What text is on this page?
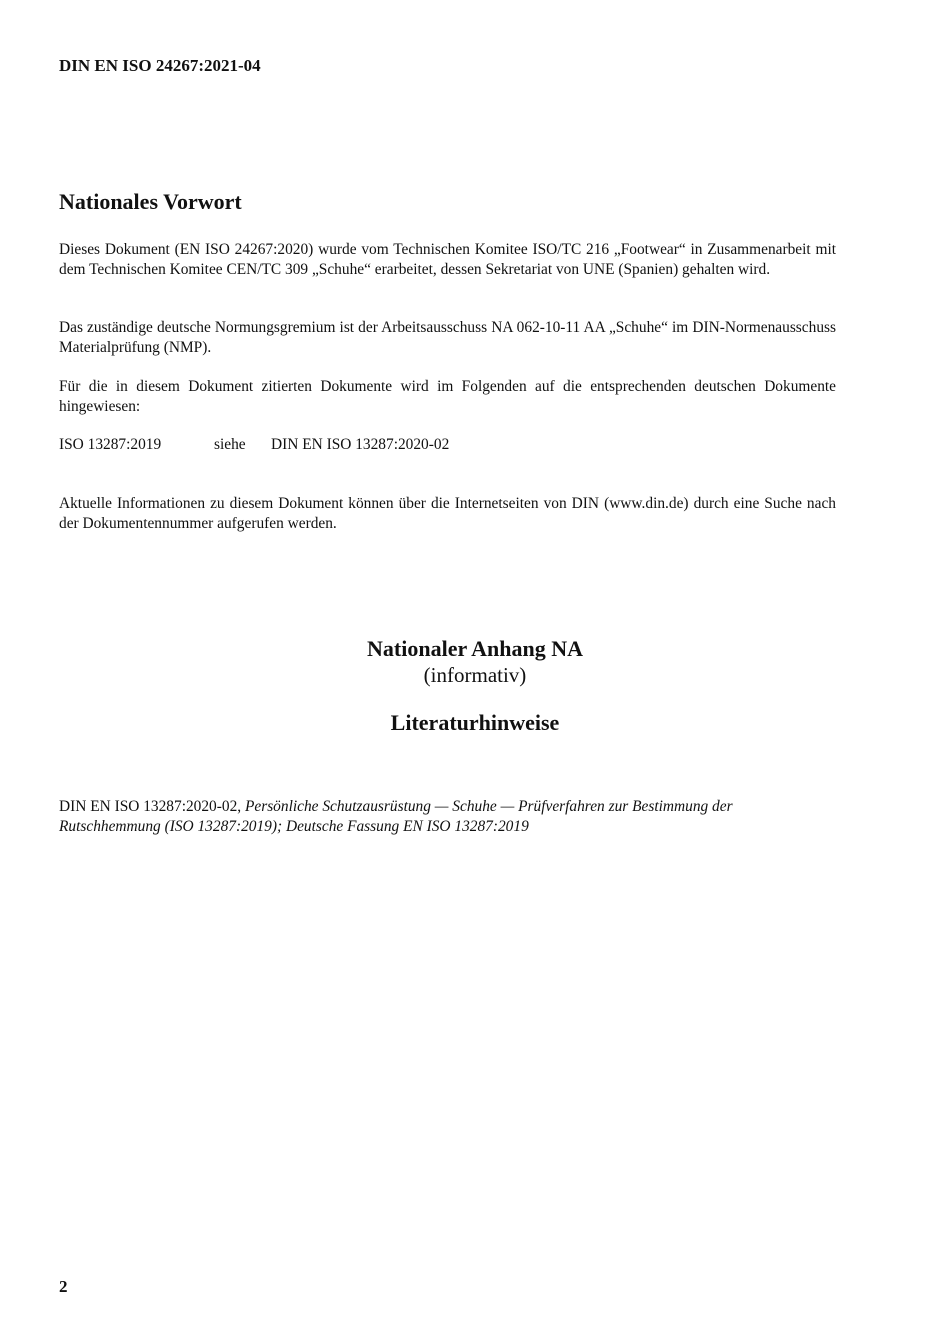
DIN EN ISO 24267:2021-04
Nationales Vorwort

Dieses Dokument (EN ISO 24267:2020) wurde vom Technischen Komitee ISO/TC 216 „Footwear“ in Zusammenarbeit mit dem Technischen Komitee CEN/TC 309 „Schuhe“ erarbeitet, dessen Sekretariat von UNE (Spanien) gehalten wird.

Das zuständige deutsche Normungsgremium ist der Arbeitsausschuss NA 062-10-11 AA „Schuhe“ im DIN-Normenausschuss Materialprüfung (NMP).

Für die in diesem Dokument zitierten Dokumente wird im Folgenden auf die entsprechenden deutschen Dokumente hingewiesen:

ISO 13287:2019	siehe DIN EN ISO 13287:2020-02

Aktuelle Informationen zu diesem Dokument können über die Internetseiten von DIN (www.din.de) durch eine Suche nach der Dokumentennummer aufgerufen werden.

Nationaler Anhang NA
(informativ)
Literaturhinweise

DIN EN ISO 13287:2020-02, Persönliche Schutzausrüstung — Schuhe — Prüfverfahren zur Bestimmung der
Rutschhemmung (ISO 13287:2019); Deutsche Fassung EN ISO 13287:2019

2
